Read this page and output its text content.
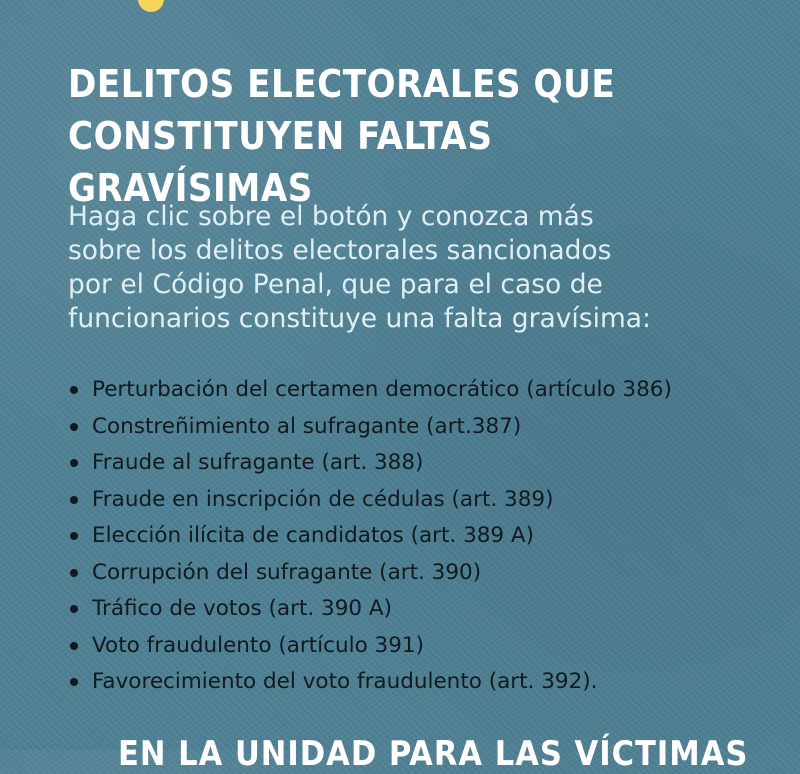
DELITOS ELECTORALES QUE
CONSTITUYEN FALTAS GRAVÍSIMAS

Haga clic sobre el botón y conozca más
sobre los delitos electorales sancionados
por el Código Penal, que para el caso de
funcionarios constituye una falta gravísima:

Perturbación del certamen democrático (artículo 386)
Constreñimiento al sufragante (art.387)
Fraude al sufragante (art. 388)
Fraude en inscripción de cédulas (art. 389)
Elección ilícita de candidatos (art. 389 A)
Corrupción del sufragante (art. 390)
Tráfico de votos (art. 390 A)
Voto fraudulento (artículo 391)
Favorecimiento del voto fraudulento (art. 392).
EN LA UNIDAD PARA LAS VÍCTIMAS
